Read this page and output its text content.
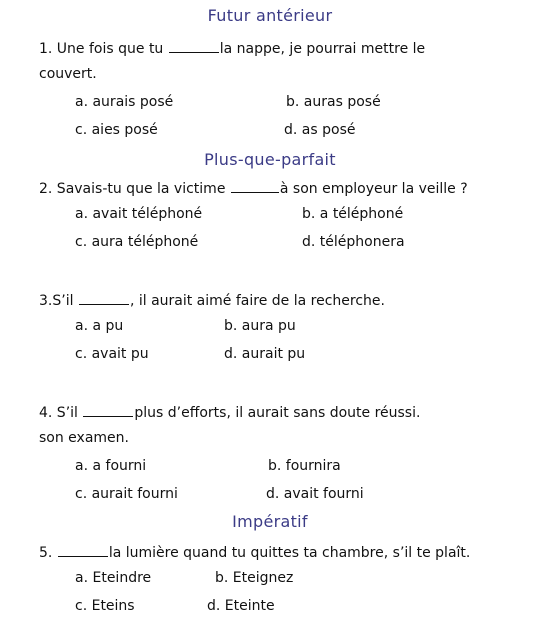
Futur antérieur
1. Une fois que tu	la nappe, je pourrai mettre le
couvert.
a. aurais posé	b. auras posé
c. aies posé	d. as posé
Plus-que-parfait
2. Savais-tu que la victime	à son employeur la veille ?
a. avait téléphoné	b. a téléphoné
c. aura téléphoné	d. téléphonera
3.S’il	, il aurait aimé faire de la recherche.
a. a pu	b. aura pu
c. avait pu	d. aurait pu
4. S’il	plus d’efforts, il aurait sans doute réussi.
son examen.
a. a fourni	b. fournira
c. aurait fourni	d. avait fourni
Impératif
5.	la lumière quand tu quittes ta chambre, s’il te plaît.
a. Eteindre	b. Eteignez
c. Eteins	d. Eteinte
